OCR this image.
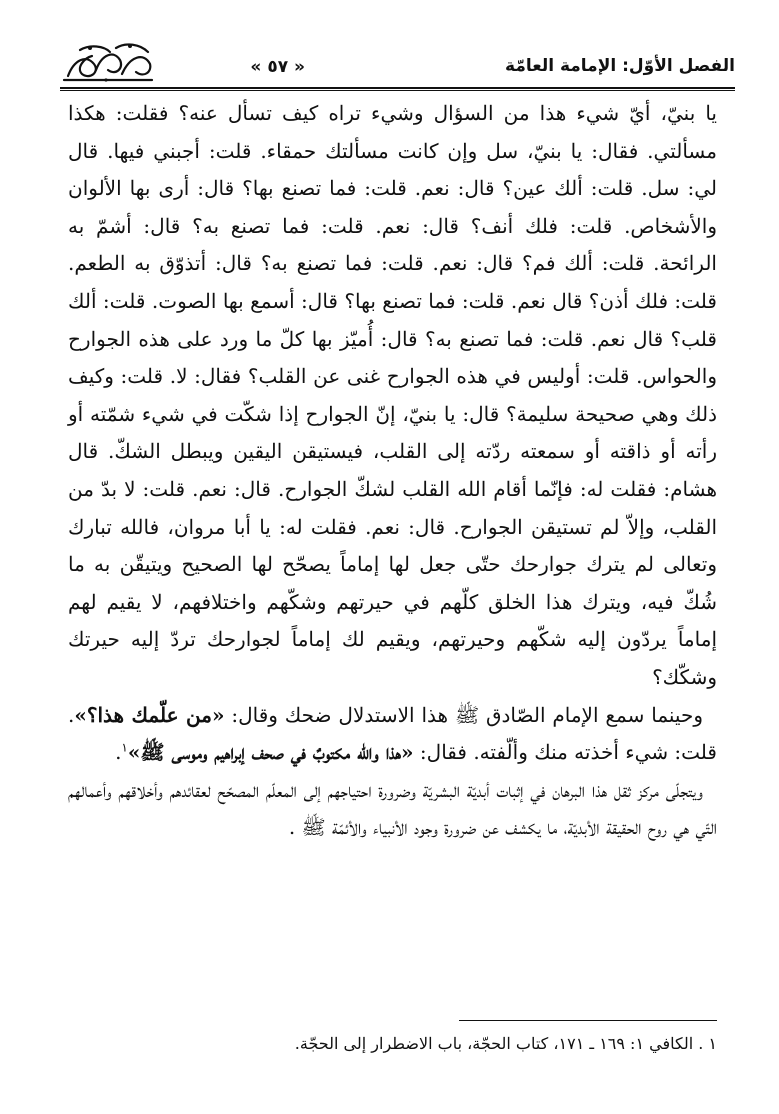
الفصل الأوّل: الإمامة العامّة
« ٥٧ »

يا بنيّ، أيّ شيء هذا من السؤال وشيء تراه كيف تسأل عنه؟ فقلت: هكذا مسألتي. فقال: يا بنيّ، سل وإن كانت مسألتك حمقاء. قلت: أجبني فيها. قال لي: سل. قلت: ألك عين؟ قال: نعم. قلت: فما تصنع بها؟ قال: أرى بها الألوان والأشخاص. قلت: فلك أنف؟ قال: نعم. قلت: فما تصنع به؟ قال: أشمّ به الرائحة. قلت: ألك فم؟ قال: نعم. قلت: فما تصنع به؟ قال: أتذوّق به الطعم. قلت: فلك أذن؟ قال نعم. قلت: فما تصنع بها؟ قال: أسمع بها الصوت. قلت: ألك قلب؟ قال نعم. قلت: فما تصنع به؟ قال: أُميّز بها كلّ ما ورد على هذه الجوارح والحواس. قلت: أوليس في هذه الجوارح غنى عن القلب؟ فقال: لا. قلت: وكيف ذلك وهي صحيحة سليمة؟ قال: يا بنيّ، إنّ الجوارح إذا شكّت في شيء شمّته أو رأته أو ذاقته أو سمعته ردّته إلى القلب، فيستيقن اليقين ويبطل الشكّ. قال هشام: فقلت له: فإنّما أقام الله القلب لشكّ الجوارح. قال: نعم. قلت: لا بدّ من القلب، وإلاّ لم تستيقن الجوارح. قال: نعم. فقلت له: يا أبا مروان، فالله تبارك وتعالى لم يترك جوارحك حتّى جعل لها إماماً يصحّح لها الصحيح ويتيقّن به ما شُكّ فيه، ويترك هذا الخلق كلّهم في حيرتهم وشكّهم واختلافهم، لا يقيم لهم إماماً يردّون إليه شكّهم وحيرتهم، ويقيم لك إماماً لجوارحك تردّ إليه حيرتك وشكّك؟

وحينما سمع الإمام الصّادق ﷺ هذا الاستدلال ضحك وقال: «من علّمك هذا؟». قلت: شيء أخذته منك وألّفته. فقال: «هذا والله مكتوبٌ في صحف إبراهيم وموسى ﷺ»$^١$.

ويتجلّى مركز ثقل هذا البرهان في إثبات أبديّة البشريّة وضرورة احتياجهم إلى المعلّم المصحّح لعقائدهم وأخلاقهم وأعمالهم التّي هي روح الحقيقة الأبديّة، ما يكشف عن ضرورة وجود الأنبياء والأئمّة ﷺ .

١ . الكافي ١: ١٦٩ ـ ١٧١، كتاب الحجّة، باب الاضطرار إلى الحجّة.
